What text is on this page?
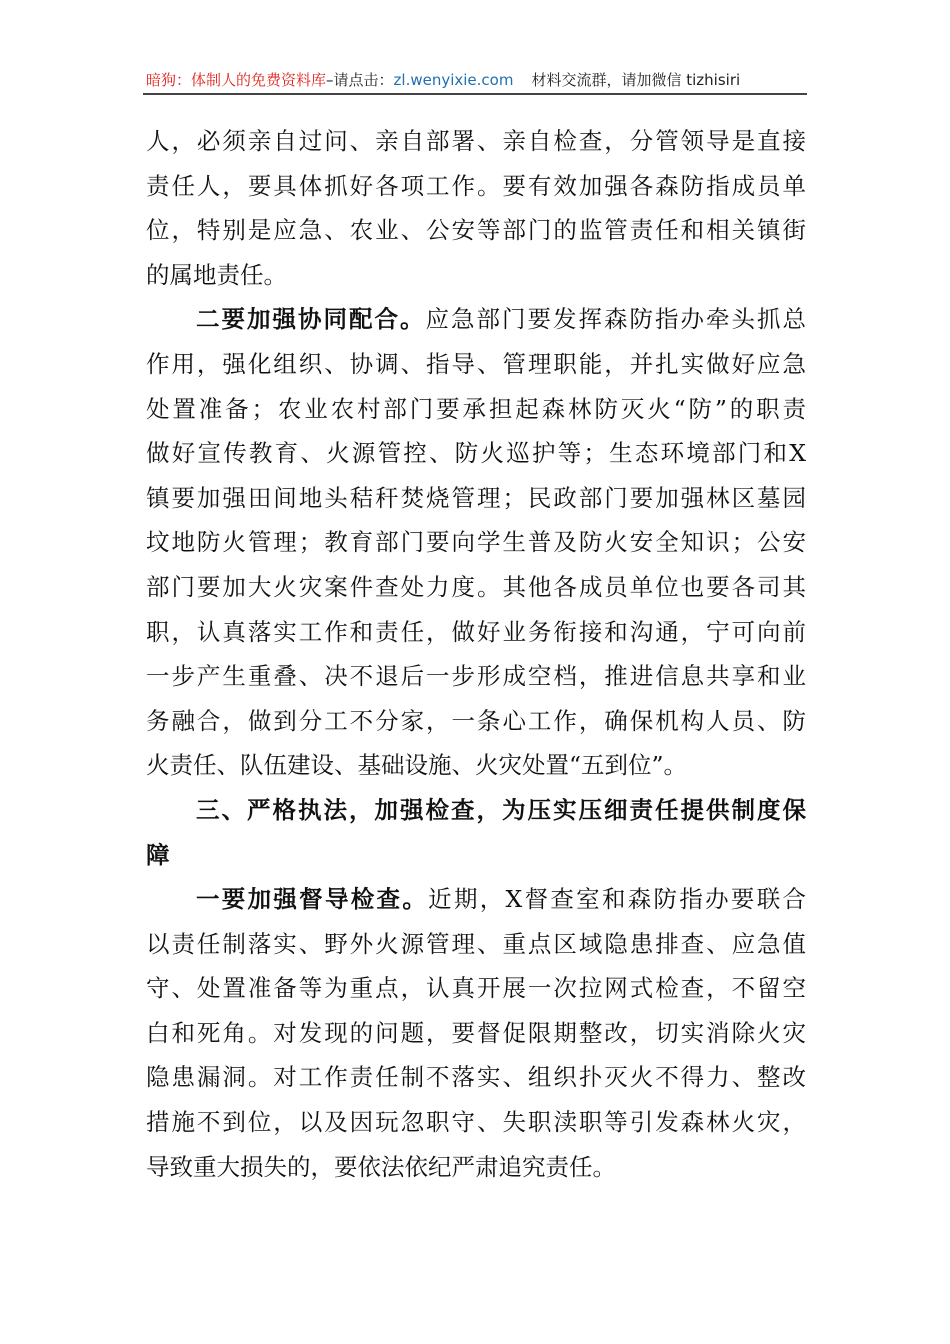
暗狗：体制人的免费资料库–请点击：zl.wenyixie.com 材料交流群，请加微信 tizhisiri
人，必须亲自过问、亲自部署、亲自检查，分管领导是直接
责任人，要具体抓好各项工作。要有效加强各森防指成员单
位，特别是应急、农业、公安等部门的监管责任和相关镇街
的属地责任。
二要加强协同配合。应急部门要发挥森防指办牵头抓总
作用，强化组织、协调、指导、管理职能，并扎实做好应急
处置准备；农业农村部门要承担起森林防灭火“防”的职责
做好宣传教育、火源管控、防火巡护等；生态环境部门和X
镇要加强田间地头秸秆焚烧管理；民政部门要加强林区墓园
坟地防火管理；教育部门要向学生普及防火安全知识；公安
部门要加大火灾案件查处力度。其他各成员单位也要各司其
职，认真落实工作和责任，做好业务衔接和沟通，宁可向前
一步产生重叠、决不退后一步形成空档，推进信息共享和业
务融合，做到分工不分家，一条心工作，确保机构人员、防
火责任、队伍建设、基础设施、火灾处置“五到位”。
三、严格执法，加强检查，为压实压细责任提供制度保
障
一要加强督导检查。近期，X督查室和森防指办要联合
以责任制落实、野外火源管理、重点区域隐患排查、应急值
守、处置准备等为重点，认真开展一次拉网式检查，不留空
白和死角。对发现的问题，要督促限期整改，切实消除火灾
隐患漏洞。对工作责任制不落实、组织扑灭火不得力、整改
措施不到位，以及因玩忽职守、失职渎职等引发森林火灾，
导致重大损失的，要依法依纪严肃追究责任。
